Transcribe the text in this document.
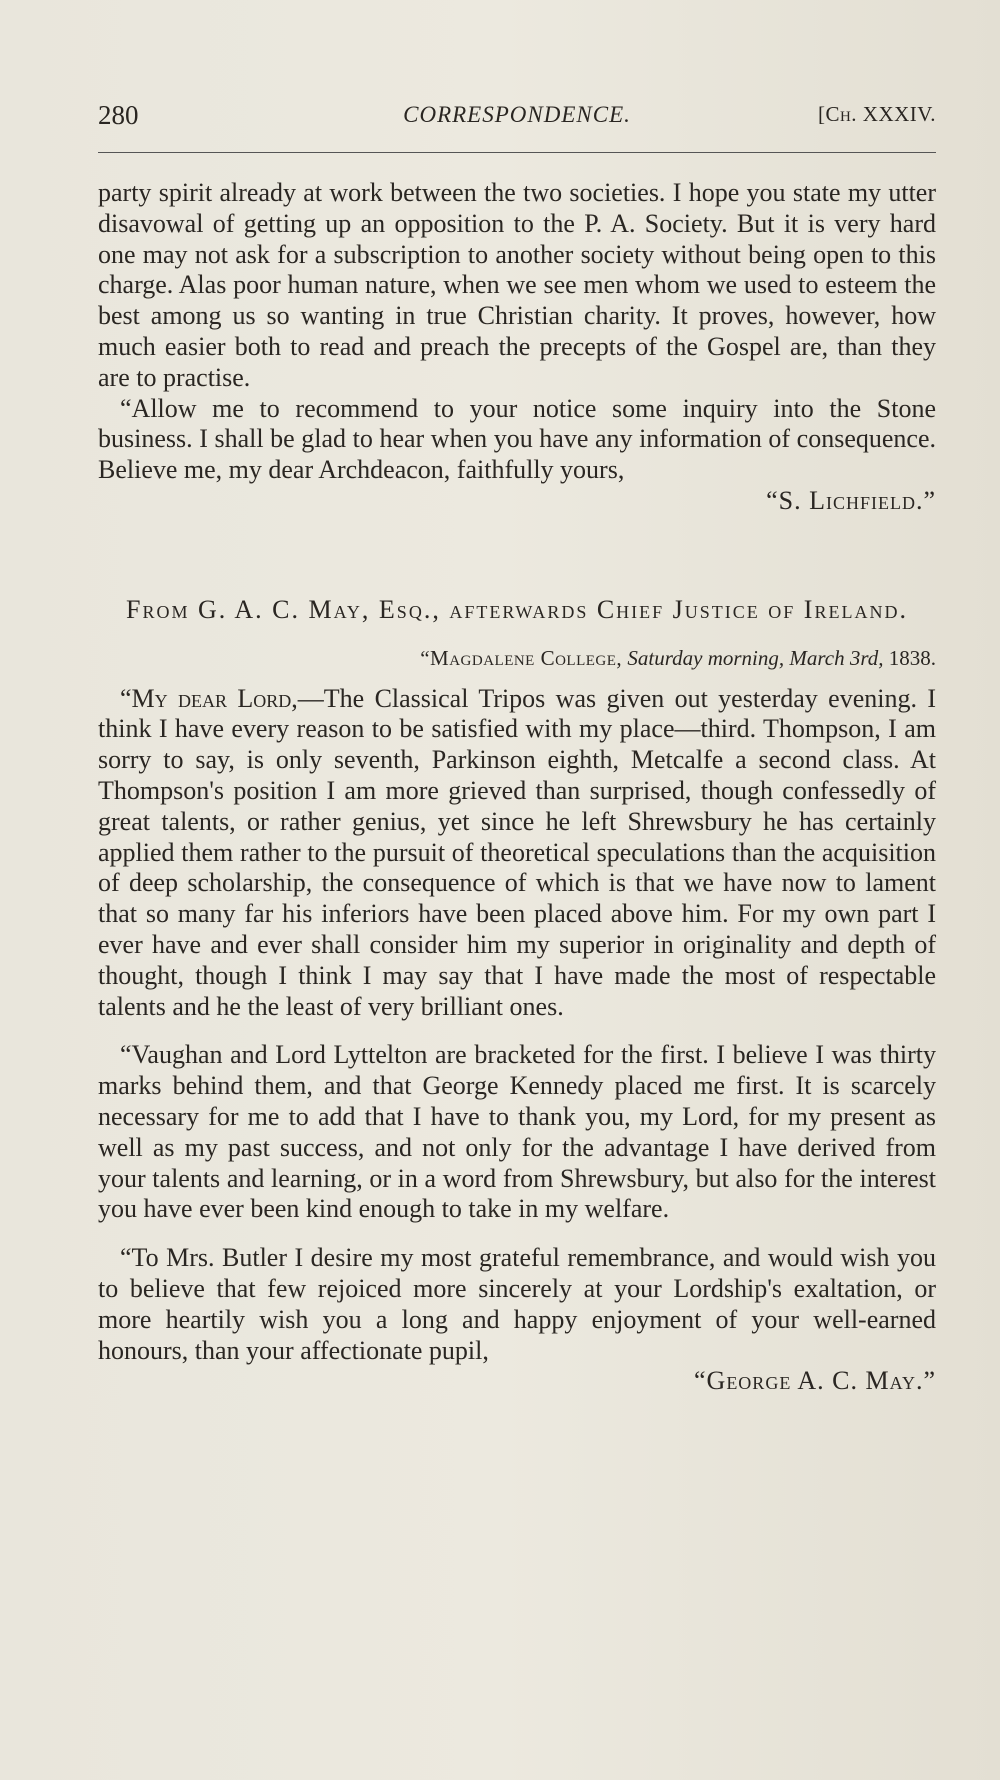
280	CORRESPONDENCE.	[Ch. XXXIV.

party spirit already at work between the two societies. I hope you state my utter disavowal of getting up an opposition to the P. A. Society. But it is very hard one may not ask for a subscription to another society without being open to this charge. Alas poor human nature, when we see men whom we used to esteem the best among us so wanting in true Christian charity. It proves, however, how much easier both to read and preach the precepts of the Gospel are, than they are to practise.

“Allow me to recommend to your notice some inquiry into the Stone business. I shall be glad to hear when you have any information of consequence. Believe me, my dear Archdeacon, faithfully yours,

“S. Lichfield.”

From G. A. C. May, Esq., afterwards Chief Justice of Ireland.
“Magdalene College, Saturday morning, March 3rd, 1838.

“My dear Lord,—The Classical Tripos was given out yesterday evening. I think I have every reason to be satisfied with my place—third. Thompson, I am sorry to say, is only seventh, Parkinson eighth, Metcalfe a second class. At Thompson's position I am more grieved than surprised, though confessedly of great talents, or rather genius, yet since he left Shrewsbury he has certainly applied them rather to the pursuit of theoretical speculations than the acquisition of deep scholarship, the consequence of which is that we have now to lament that so many far his inferiors have been placed above him. For my own part I ever have and ever shall consider him my superior in originality and depth of thought, though I think I may say that I have made the most of respectable talents and he the least of very brilliant ones.

“Vaughan and Lord Lyttelton are bracketed for the first. I believe I was thirty marks behind them, and that George Kennedy placed me first. It is scarcely necessary for me to add that I have to thank you, my Lord, for my present as well as my past success, and not only for the advantage I have derived from your talents and learning, or in a word from Shrewsbury, but also for the interest you have ever been kind enough to take in my welfare.

“To Mrs. Butler I desire my most grateful remembrance, and would wish you to believe that few rejoiced more sincerely at your Lordship's exaltation, or more heartily wish you a long and happy enjoyment of your well-earned honours, than your affectionate pupil,

“George A. C. May.”
